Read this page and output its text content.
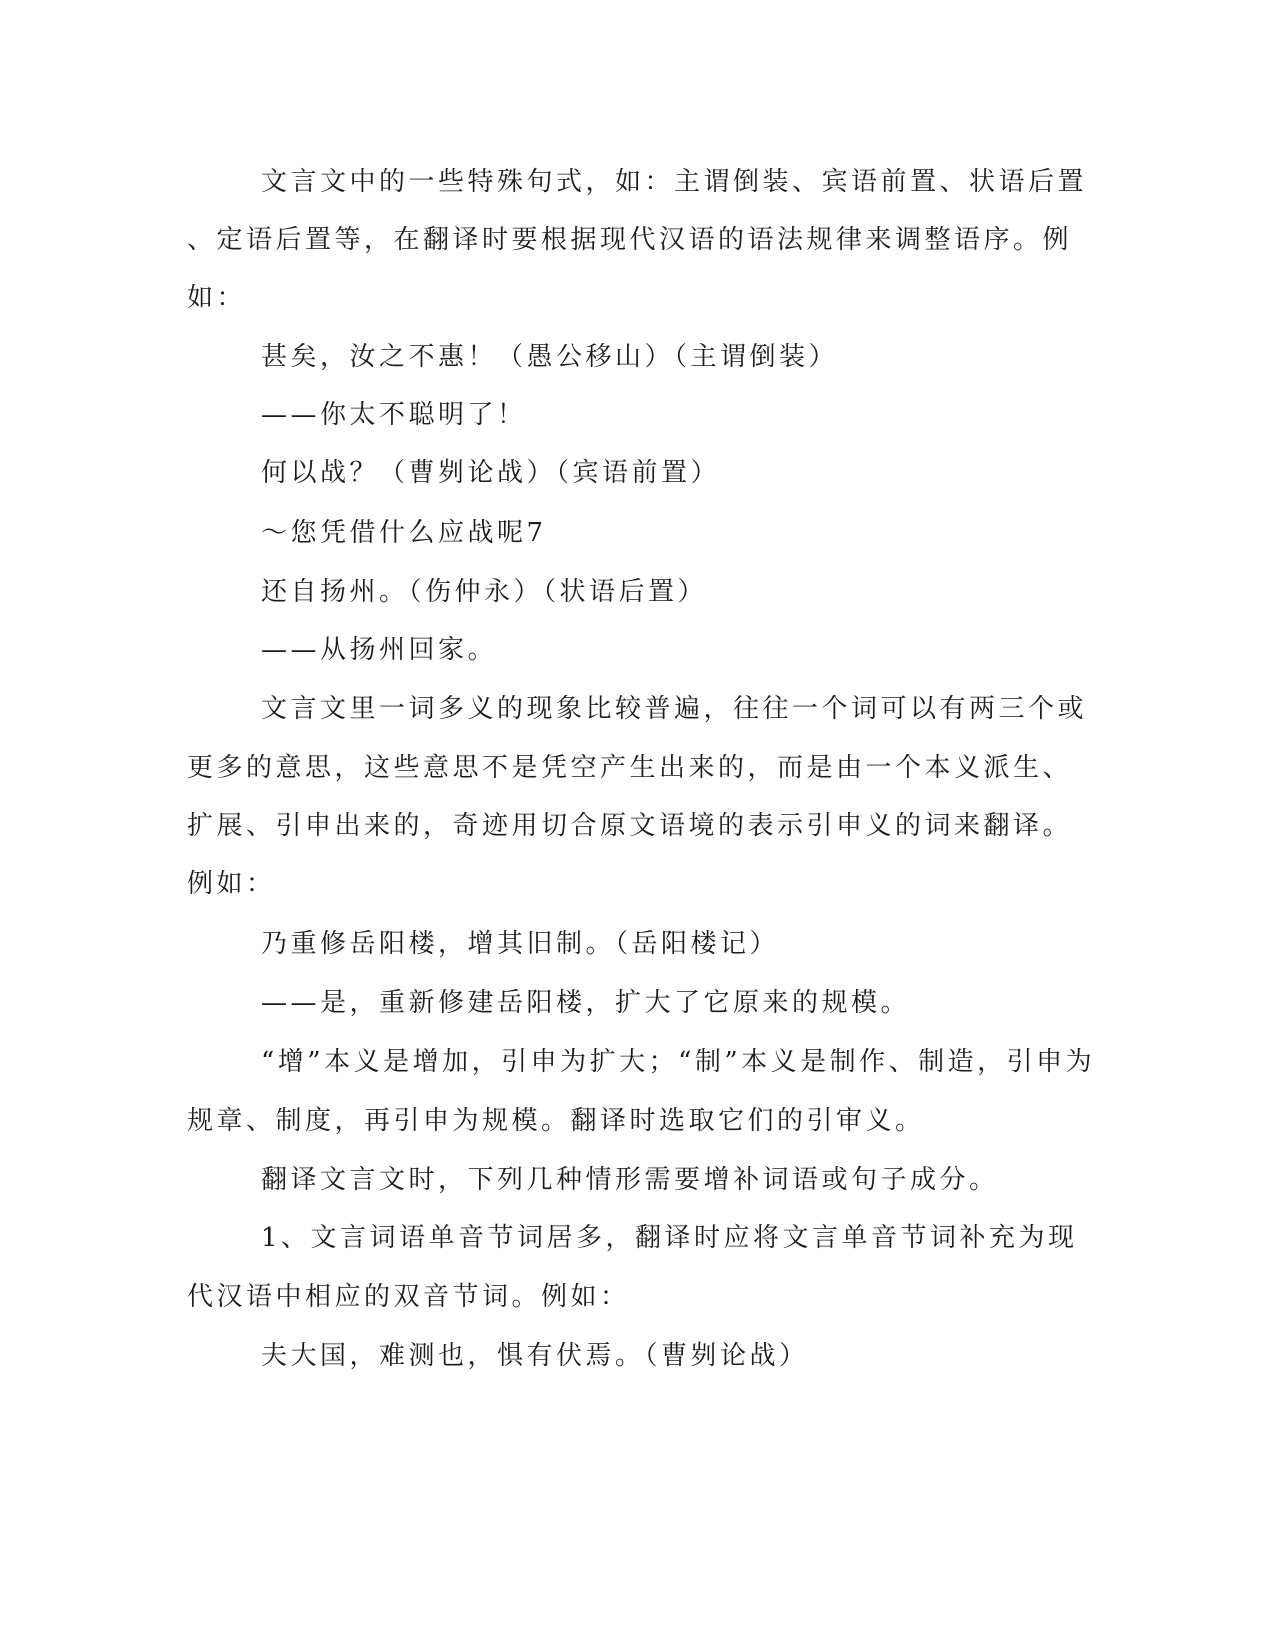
文言文中的一些特殊句式，如：主谓倒装、宾语前置、状语后置
、定语后置等，在翻译时要根据现代汉语的语法规律来调整语序。例
如：
甚矣，汝之不惠！（愚公移山）（主谓倒装）
——你太不聪明了！
何以战？（曹刿论战）（宾语前置）
～您凭借什么应战呢7
还自扬州。（伤仲永）（状语后置）
——从扬州回家。
文言文里一词多义的现象比较普遍，往往一个词可以有两三个或
更多的意思，这些意思不是凭空产生出来的，而是由一个本义派生、
扩展、引申出来的，奇迹用切合原文语境的表示引申义的词来翻译。
例如：
乃重修岳阳楼，增其旧制。（岳阳楼记）
——是，重新修建岳阳楼，扩大了它原来的规模。
“增”本义是增加，引申为扩大；“制”本义是制作、制造，引申为
规章、制度，再引申为规模。翻译时选取它们的引审义。
翻译文言文时，下列几种情形需要增补词语或句子成分。
1、文言词语单音节词居多，翻译时应将文言单音节词补充为现
代汉语中相应的双音节词。例如：
夫大国，难测也，惧有伏焉。（曹刿论战）
